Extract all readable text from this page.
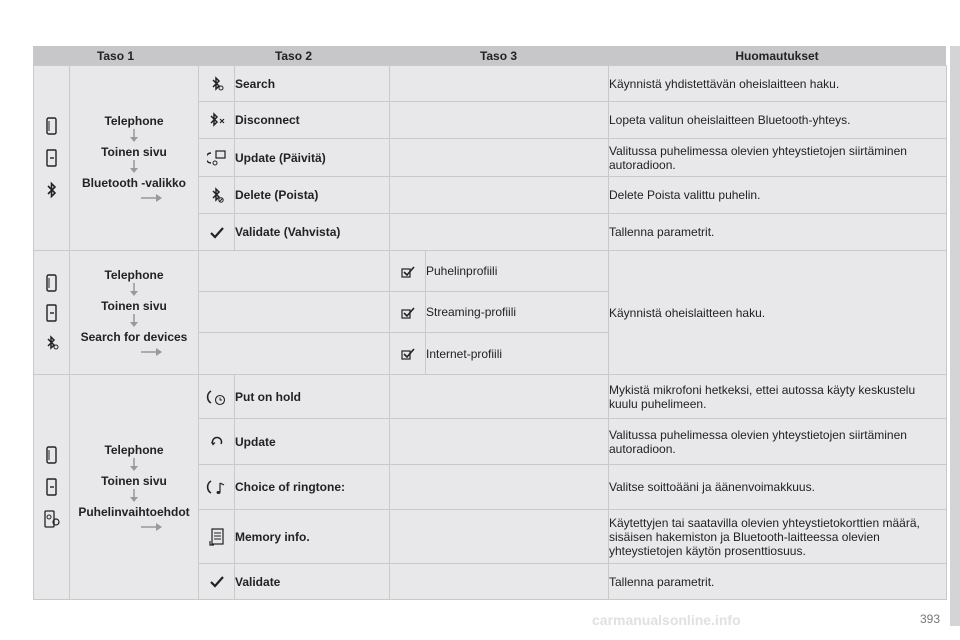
Taso 1	Taso 2	Taso 3	Huomautukset

Telephone
Toinen sivu
Bluetooth -valikko		Search			Käynnistä yhdistettävän oheislaitteen haku.
	Disconnect			Lopeta valitun oheislaitteen Bluetooth-yhteys.
	Update (Päivitä)			Valitussa puhelimessa olevien yhteystietojen siirtäminen autoradioon.
	Delete (Poista)			Delete Poista valittu puhelin.
	Validate (Vahvista)			Tallenna parametrit.

Telephone
Toinen sivu
Search for devices				Puhelinprofiili	Käynnistä oheislaitteen haku.
		Streaming-profiili	
		Internet-profiili	

Telephone
Toinen sivu
Puhelinvaihtoehdot		Put on hold			Mykistä mikrofoni hetkeksi, ettei autossa käyty keskustelu kuulu puhelimeen.
	Update			Valitussa puhelimessa olevien yhteystietojen siirtäminen autoradioon.
	Choice of ringtone:			Valitse soittoääni ja äänenvoimakkuus.
	Memory info.			Käytettyjen tai saatavilla olevien yhteystietokorttien määrä, sisäisen hakemiston ja Bluetooth-laitteessa olevien yhteystietojen käytön prosenttiosuus.
	Validate			Tallenna parametrit.
carmanualsonline.info	393
